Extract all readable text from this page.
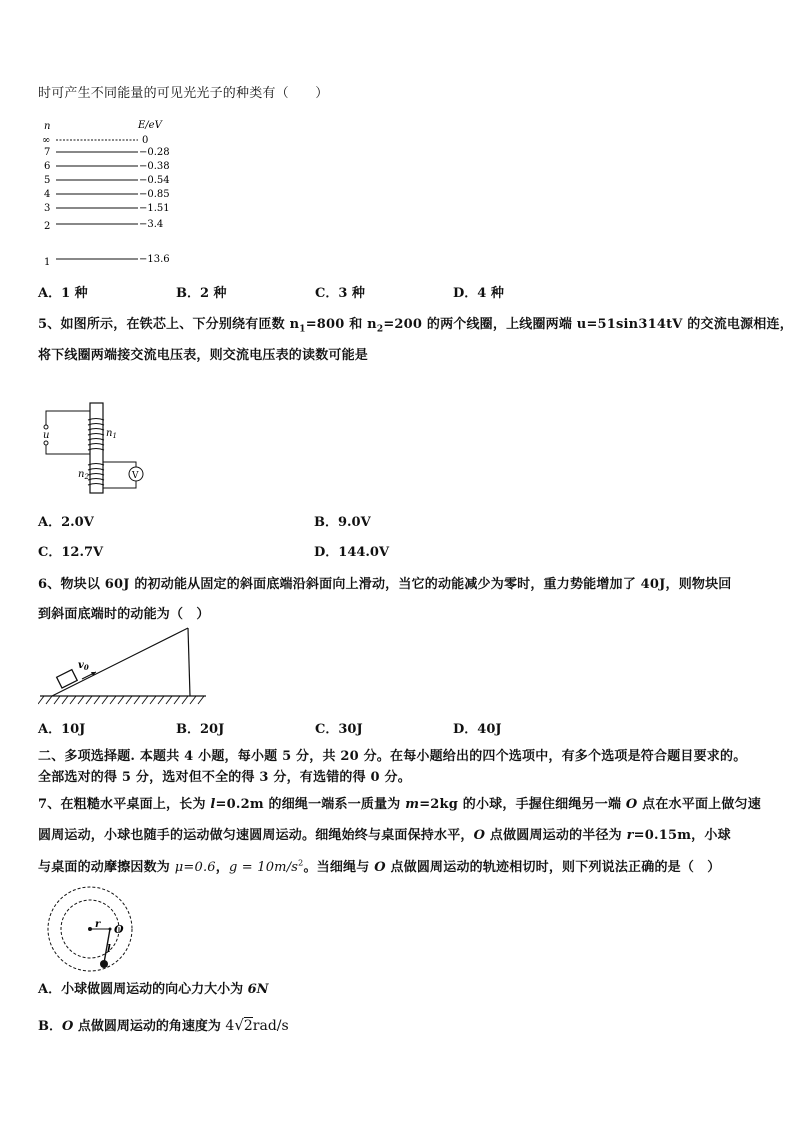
时可产生不同能量的可见光光子的种类有（　　）
n	E/eV
∞	0
7	−0.28
6	−0.38
5	−0.54
4	−0.85
3	−1.51
2	−3.4
1	−13.6
A．1 种	B．2 种	C．3 种	D．4 种
5、如图所示，在铁芯上、下分别绕有匝数 $n_1=800$ 和 $n_2=200$ 的两个线圈，上线圈两端 u=51sin314tV 的交流电源相连，
将下线圈两端接交流电压表，则交流电压表的读数可能是
u	$n_1$
$n_2$	V
A．2.0V	B．9.0V
C．12.7V	D．144.0V
6、物块以 60J 的初动能从固定的斜面底端沿斜面向上滑动，当它的动能减少为零时，重力势能增加了 40J，则物块回
到斜面底端时的动能为（　）
$v_0$
A．10J	B．20J	C．30J	D．40J
二、多项选择题. 本题共 4 小题，每小题 5 分，共 20 分。在每小题给出的四个选项中，有多个选项是符合题目要求的。
全部选对的得 5 分，选对但不全的得 3 分，有选错的得 0 分。
7、在粗糙水平桌面上，长为 l=0.2m 的细绳一端系一质量为 m=2kg 的小球，手握住细绳另一端 O 点在水平面上做匀速
圆周运动，小球也随手的运动做匀速圆周运动。细绳始终与桌面保持水平，O 点做圆周运动的半径为 r=0.15m，小球
与桌面的动摩擦因数为 μ=0.6，$g = 10m/s^2$。当细绳与 O 点做圆周运动的轨迹相切时，则下列说法正确的是（　）
r O
l
A．小球做圆周运动的向心力大小为 6N
B．O 点做圆周运动的角速度为 4√2rad/s
